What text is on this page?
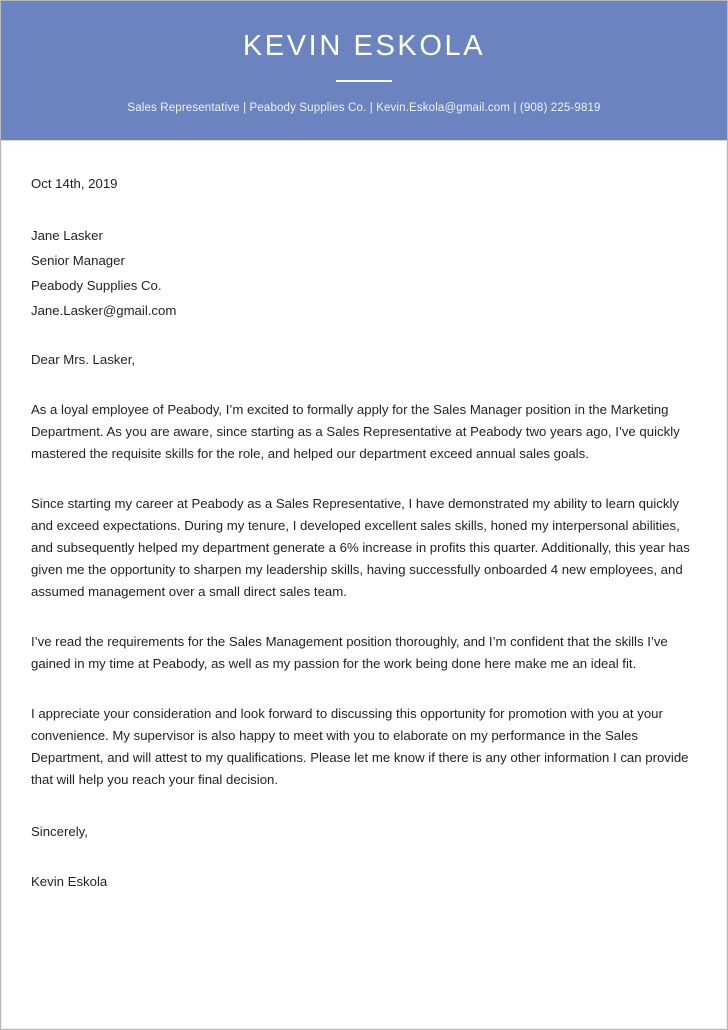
KEVIN ESKOLA
Sales Representative | Peabody Supplies Co. | Kevin.Eskola@gmail.com | (908) 225-9819

Oct 14th, 2019

Jane Lasker

Senior Manager

Peabody Supplies Co.

Jane.Lasker@gmail.com

Dear Mrs. Lasker,

As a loyal employee of Peabody, I’m excited to formally apply for the Sales Manager position in the Marketing Department. As you are aware, since starting as a Sales Representative at Peabody two years ago, I’ve quickly mastered the requisite skills for the role, and helped our department exceed annual sales goals.

Since starting my career at Peabody as a Sales Representative, I have demonstrated my ability to learn quickly and exceed expectations. During my tenure, I developed excellent sales skills, honed my interpersonal abilities, and subsequently helped my department generate a 6% increase in profits this quarter. Additionally, this year has given me the opportunity to sharpen my leadership skills, having successfully onboarded 4 new employees, and assumed management over a small direct sales team.

I’ve read the requirements for the Sales Management position thoroughly, and I’m confident that the skills I’ve gained in my time at Peabody, as well as my passion for the work being done here make me an ideal fit.

I appreciate your consideration and look forward to discussing this opportunity for promotion with you at your convenience. My supervisor is also happy to meet with you to elaborate on my performance in the Sales Department, and will attest to my qualifications. Please let me know if there is any other information I can provide that will help you reach your final decision.

Sincerely,

Kevin Eskola
